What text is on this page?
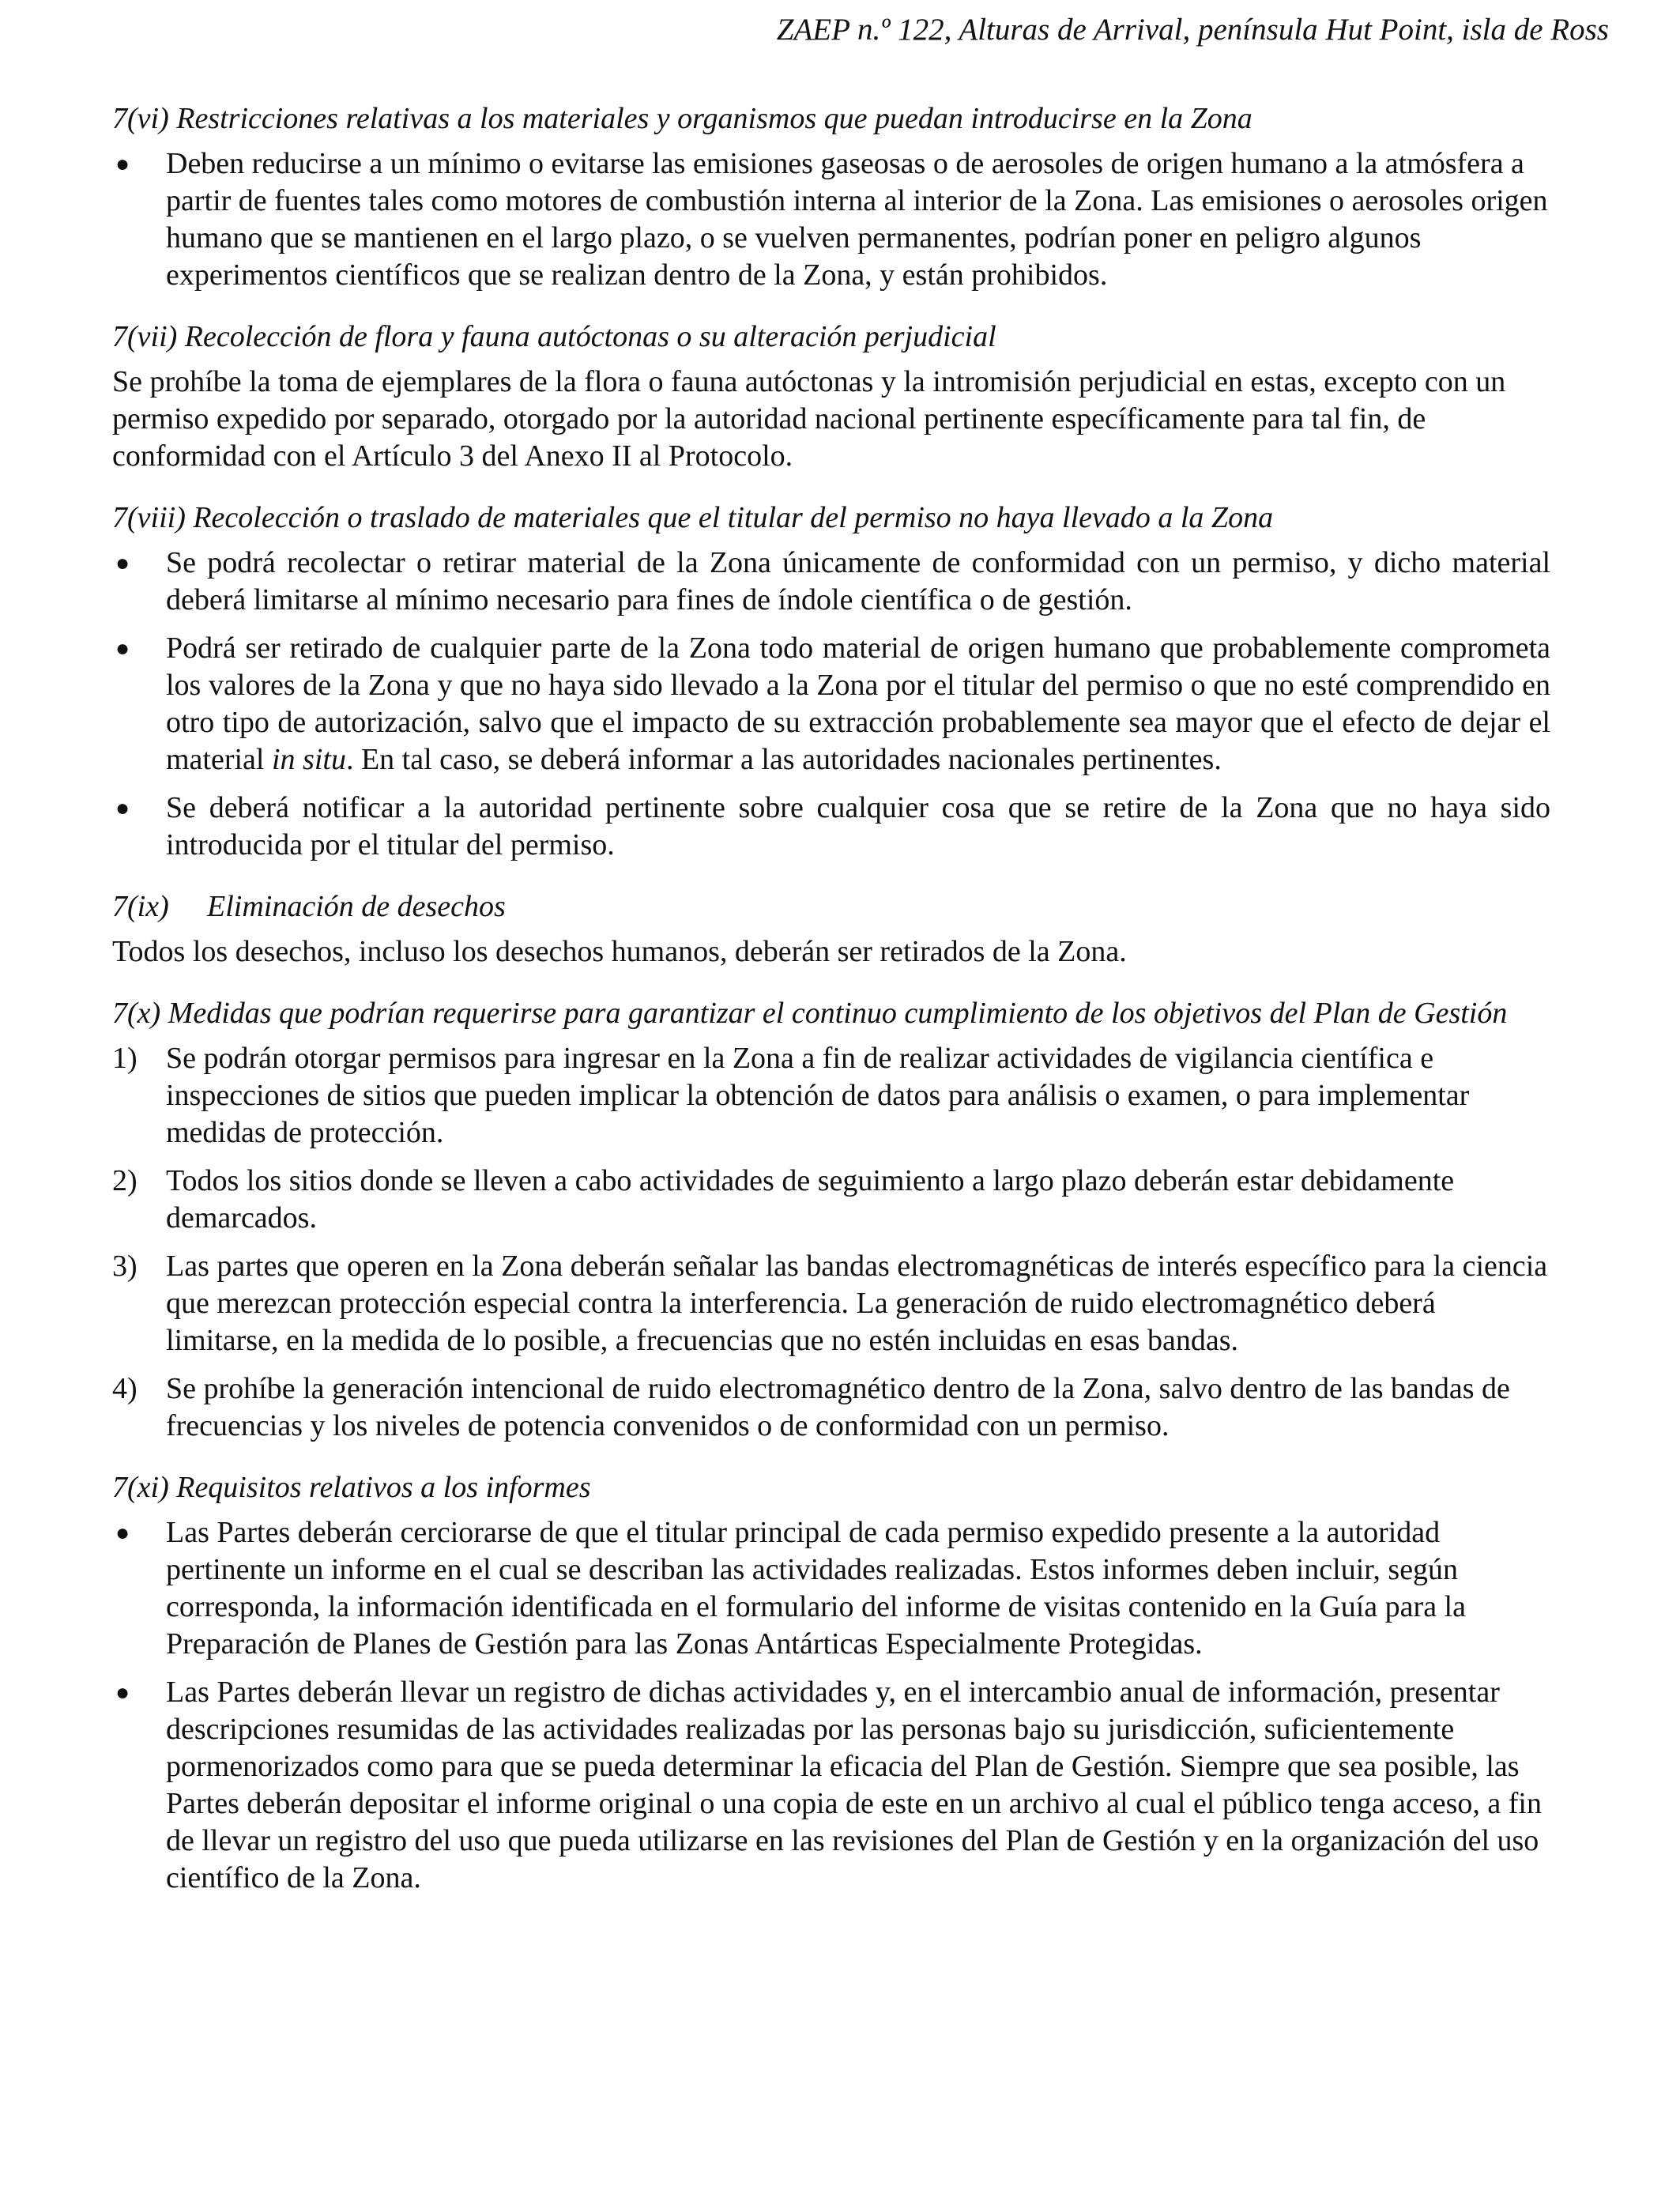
ZAEP n.º 122, Alturas de Arrival, península Hut Point, isla de Ross
7(vi) Restricciones relativas a los materiales y organismos que puedan introducirse en la Zona
●	Deben reducirse a un mínimo o evitarse las emisiones gaseosas o de aerosoles de origen humano a la atmósfera a partir de fuentes tales como motores de combustión interna al interior de la Zona. Las emisiones o aerosoles origen humano que se mantienen en el largo plazo, o se vuelven permanentes, podrían poner en peligro algunos experimentos científicos que se realizan dentro de la Zona, y están prohibidos.
7(vii) Recolección de flora y fauna autóctonas o su alteración perjudicial

Se prohíbe la toma de ejemplares de la flora o fauna autóctonas y la intromisión perjudicial en estas, excepto con un permiso expedido por separado, otorgado por la autoridad nacional pertinente específicamente para tal fin, de conformidad con el Artículo 3 del Anexo II al Protocolo.

7(viii) Recolección o traslado de materiales que el titular del permiso no haya llevado a la Zona
●	Se podrá recolectar o retirar material de la Zona únicamente de conformidad con un permiso, y dicho material deberá limitarse al mínimo necesario para fines de índole científica o de gestión.
●	Podrá ser retirado de cualquier parte de la Zona todo material de origen humano que probablemente comprometa los valores de la Zona y que no haya sido llevado a la Zona por el titular del permiso o que no esté comprendido en otro tipo de autorización, salvo que el impacto de su extracción probablemente sea mayor que el efecto de dejar el material in situ. En tal caso, se deberá informar a las autoridades nacionales pertinentes.
●	Se deberá notificar a la autoridad pertinente sobre cualquier cosa que se retire de la Zona que no haya sido introducida por el titular del permiso.
7(ix) Eliminación de desechos

Todos los desechos, incluso los desechos humanos, deberán ser retirados de la Zona.

7(x) Medidas que podrían requerirse para garantizar el continuo cumplimiento de los objetivos del Plan de Gestión
1) Se podrán otorgar permisos para ingresar en la Zona a fin de realizar actividades de vigilancia científica e inspecciones de sitios que pueden implicar la obtención de datos para análisis o examen, o para implementar medidas de protección.
2) Todos los sitios donde se lleven a cabo actividades de seguimiento a largo plazo deberán estar debidamente demarcados.
3) Las partes que operen en la Zona deberán señalar las bandas electromagnéticas de interés específico para la ciencia que merezcan protección especial contra la interferencia. La generación de ruido electromagnético deberá limitarse, en la medida de lo posible, a frecuencias que no estén incluidas en esas bandas.
4) Se prohíbe la generación intencional de ruido electromagnético dentro de la Zona, salvo dentro de las bandas de frecuencias y los niveles de potencia convenidos o de conformidad con un permiso.
7(xi) Requisitos relativos a los informes
●	Las Partes deberán cerciorarse de que el titular principal de cada permiso expedido presente a la autoridad pertinente un informe en el cual se describan las actividades realizadas. Estos informes deben incluir, según corresponda, la información identificada en el formulario del informe de visitas contenido en la Guía para la Preparación de Planes de Gestión para las Zonas Antárticas Especialmente Protegidas.
●	Las Partes deberán llevar un registro de dichas actividades y, en el intercambio anual de información, presentar descripciones resumidas de las actividades realizadas por las personas bajo su jurisdicción, suficientemente pormenorizados como para que se pueda determinar la eficacia del Plan de Gestión. Siempre que sea posible, las Partes deberán depositar el informe original o una copia de este en un archivo al cual el público tenga acceso, a fin de llevar un registro del uso que pueda utilizarse en las revisiones del Plan de Gestión y en la organización del uso científico de la Zona.
